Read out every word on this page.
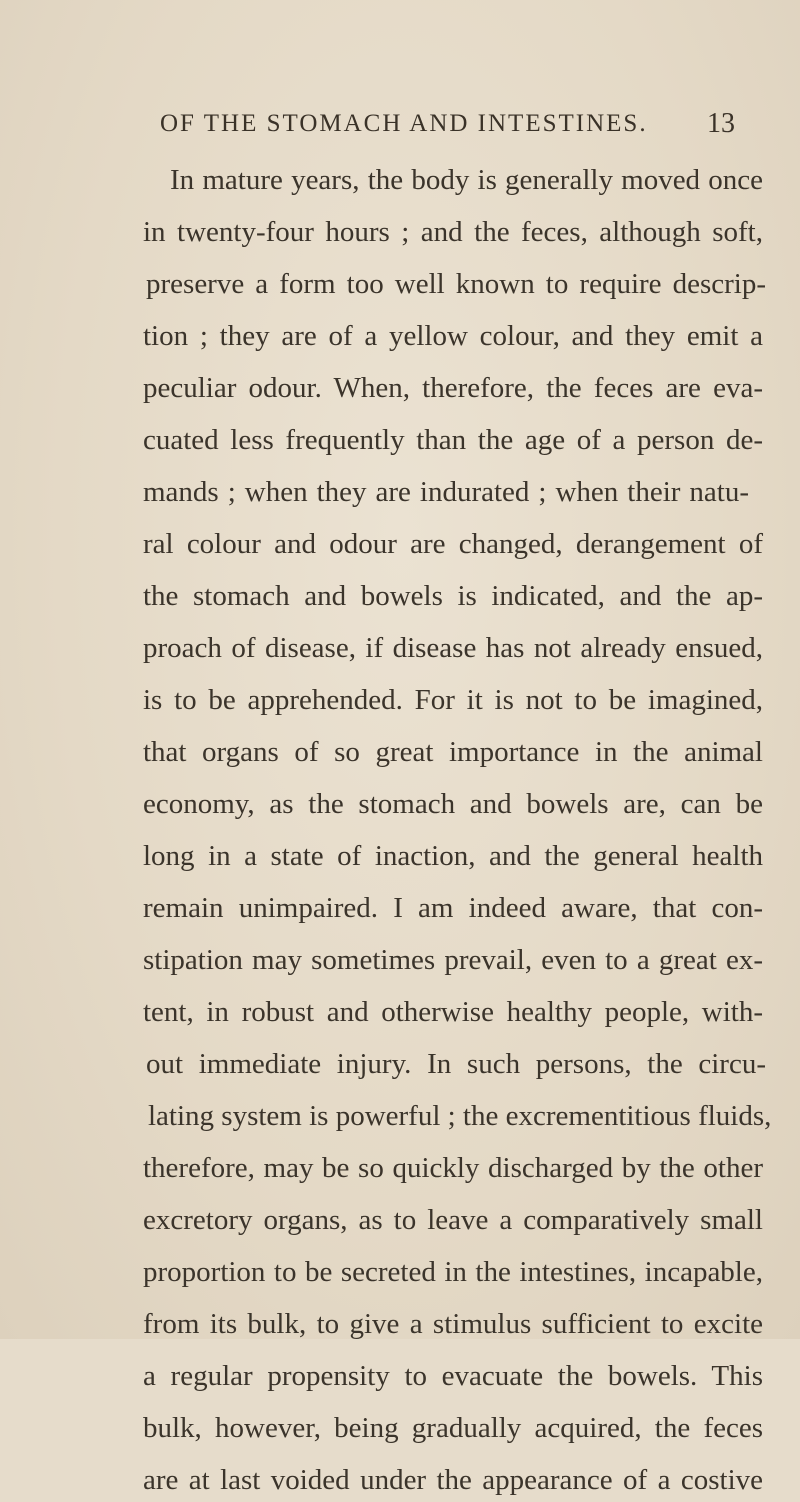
OF THE STOMACH AND INTESTINES. 13
In mature years, the body is generally moved once
in twenty-four hours ; and the feces, although soft,
preserve a form too well known to require descrip-
tion ; they are of a yellow colour, and they emit a
peculiar odour. When, therefore, the feces are eva-
cuated less frequently than the age of a person de-
mands ; when they are indurated ; when their natu-
ral colour and odour are changed, derangement of
the stomach and bowels is indicated, and the ap-
proach of disease, if disease has not already ensued,
is to be apprehended. For it is not to be imagined,
that organs of so great importance in the animal
economy, as the stomach and bowels are, can be
long in a state of inaction, and the general health
remain unimpaired. I am indeed aware, that con-
stipation may sometimes prevail, even to a great ex-
tent, in robust and otherwise healthy people, with-
out immediate injury. In such persons, the circu-
lating system is powerful ; the excrementitious fluids,
therefore, may be so quickly discharged by the other
excretory organs, as to leave a comparatively small
proportion to be secreted in the intestines, incapable,
from its bulk, to give a stimulus sufficient to excite
a regular propensity to evacuate the bowels. This
bulk, however, being gradually acquired, the feces
are at last voided under the appearance of a costive
